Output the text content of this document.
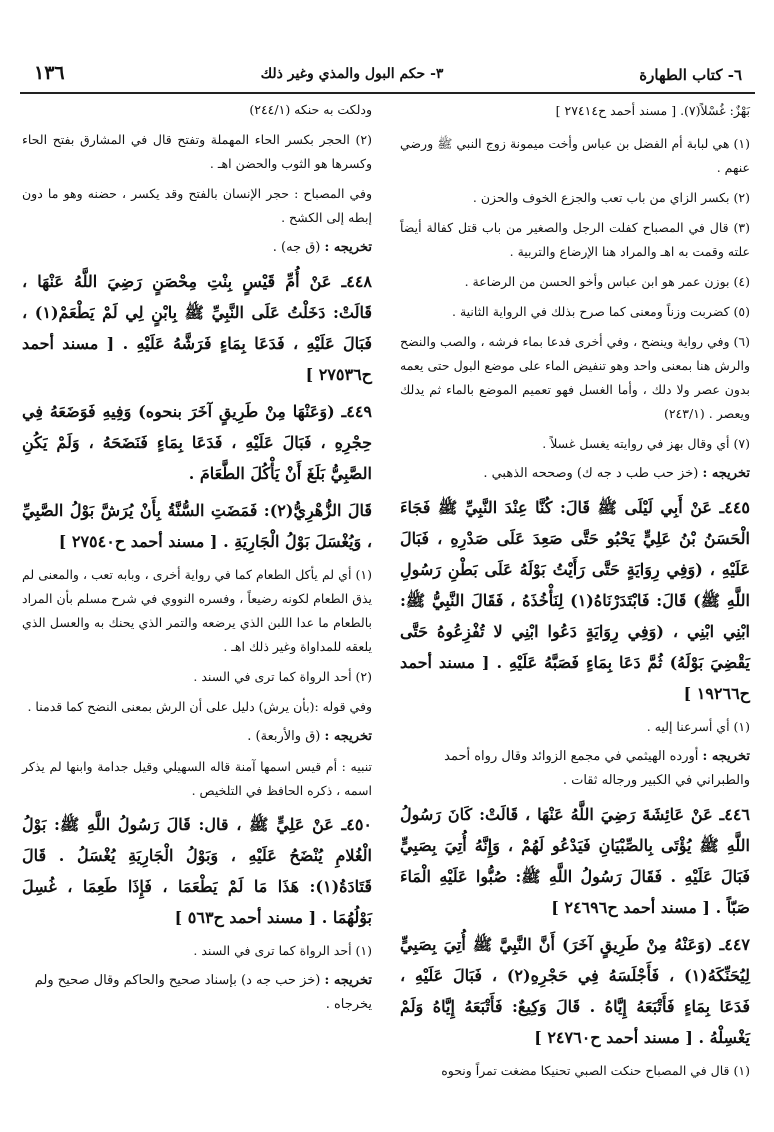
٦- كتاب الطهارة
٣- حكم البول والمذي وغير ذلك
١٣٦
بَهْزٌ: غُسْلاً(٧). [ مسند أحمد ح٢٧٤١٤ ]
(١) هي لبابة أم الفضل بن عباس وأخت ميمونة زوج النبي ﷺ ورضي عنهم .
(٢) بكسر الزاي من باب تعب والجزع الخوف والحزن .
(٣) قال في المصباح كفلت الرجل والصغير من باب قتل كفالة أيضاً علته وقمت به اهـ والمراد هنا الإرضاع والتربية .
(٤) بوزن عمر هو ابن عباس وأخو الحسن من الرضاعة .
(٥) كضربت وزناً ومعنى كما صرح بذلك في الرواية الثانية .
(٦) وفي رواية وينضح ، وفي أخرى فدعا بماء فرشه ، والصب والنضح والرش هنا بمعنى واحد وهو تنفيض الماء على موضع البول حتى يعمه بدون عصر ولا دلك ، وأما الغسل فهو تعميم الموضع بالماء ثم يدلك ويعصر . (٢٤٣/١)
(٧) أي وقال بهز في روايته يغسل غسلاً .
تخريجه : (خز حب طب د جه ك) وصححه الذهبي .
٤٤٥ـ عَنْ أَبِي لَيْلَى ﷺ قَالَ: كُنَّا عِنْدَ النَّبِيِّ ﷺ فَجَاءَ الْحَسَنُ بْنُ عَلِيٍّ يَحْبُو حَتَّى صَعِدَ عَلَى صَدْرِهِ ، فَبَالَ عَلَيْهِ ، (وَفِي رِوَايَةٍ حَتَّى رَأَيْتُ بَوْلَهُ عَلَى بَطْنِ رَسُولِ اللَّهِ ﷺ) قَالَ: فَابْتَدَرْنَاهُ(١) لِنَأْخُذَهُ ، فَقَالَ النَّبِيُّ ﷺ: ابْنِي ابْنِي ، (وَفِي رِوَايَةٍ دَعُوا ابْنِي لا تُفْزِعُوهُ حَتَّى يَقْضِيَ بَوْلَهُ) ثُمَّ دَعَا بِمَاءٍ فَصَبَّهُ عَلَيْهِ . [ مسند أحمد ح١٩٢٦٦ ]
(١) أي أسرعنا إليه .
تخريجه : أورده الهيثمي في مجمع الزوائد وقال رواه أحمد والطبراني في الكبير ورجاله ثقات .
٤٤٦ـ عَنْ عَائِشَةَ رَضِيَ اللَّهُ عَنْهَا ، قَالَتْ: كَانَ رَسُولُ اللَّهِ ﷺ يُؤْتَى بِالصِّبْيَانِ فَيَدْعُو لَهُمْ ، وَإِنَّهُ أُتِيَ بِصَبِيٍّ فَبَالَ عَلَيْهِ . فَقَالَ رَسُولُ اللَّهِ ﷺ: صُبُّوا عَلَيْهِ الْمَاءَ صَبّاً . [ مسند أحمد ح٢٤٦٩٦ ]
٤٤٧ـ (وَعَنْهُ مِنْ طَرِيقٍ آخَرَ) أَنَّ النَّبِيَّ ﷺ أُتِيَ بِصَبِيٍّ لِيُحَنِّكَهُ(١) ، فَأَجْلَسَهُ فِي حَجْرِهِ(٢) ، فَبَالَ عَلَيْهِ ، فَدَعَا بِمَاءٍ فَأَتْبَعَهُ إِيَّاهُ . قَالَ وَكِيعٌ: فَأَتْبَعَهُ إِيَّاهُ وَلَمْ يَغْسِلْهُ . [ مسند أحمد ح٢٤٧٦٠ ]
(١) قال في المصباح حنكت الصبي تحنيكا مضغت تمراً ونحوه
ودلكت به حنكه (٢٤٤/١)
(٢) الحجر بكسر الحاء المهملة وتفتح قال في المشارق بفتح الحاء وكسرها هو الثوب والحضن اهـ .
وفي المصباح : حجر الإنسان بالفتح وقد يكسر ، حضنه وهو ما دون إبطه إلى الكشح .
تخريجه : (ق جه) .
٤٤٨ـ عَنْ أُمِّ قَيْسٍ بِنْتِ مِحْصَنٍ رَضِيَ اللَّهُ عَنْهَا ، قَالَتْ: دَخَلْتُ عَلَى النَّبِيِّ ﷺ بِابْنٍ لِي لَمْ يَطْعَمْ(١) ، فَبَالَ عَلَيْهِ ، فَدَعَا بِمَاءٍ فَرَشَّهُ عَلَيْهِ . [ مسند أحمد ح٢٧٥٣٦ ]
٤٤٩ـ (وَعَنْهَا مِنْ طَرِيقٍ آخَرَ بنحوه) وَفِيهِ فَوَضَعَهُ فِي حِجْرِهِ ، فَبَالَ عَلَيْهِ ، فَدَعَا بِمَاءٍ فَنَضَحَهُ ، وَلَمْ يَكُنِ الصَّبِيُّ بَلَغَ أَنْ يَأْكُلَ الطَّعَامَ .
قَالَ الزُّهْرِيُّ(٢): فَمَضَتِ السُّنَّةُ بِأَنْ يُرَشَّ بَوْلُ الصَّبِيِّ ، وَيُغْسَلَ بَوْلُ الْجَارِيَةِ . [ مسند أحمد ح٢٧٥٤٠ ]
(١) أي لم يأكل الطعام كما في رواية أخرى ، وبابه تعب ، والمعنى لم يذق الطعام لكونه رضيعاً ، وفسره النووي في شرح مسلم بأن المراد بالطعام ما عدا اللبن الذي يرضعه والتمر الذي يحنك به والعسل الذي يلعقه للمداواة وغير ذلك اهـ .
(٢) أحد الرواة كما ترى في السند .
وفي قوله :(بأن يرش) دليل على أن الرش بمعنى النضح كما قدمنا .
تخريجه : (ق والأربعة) .
تنبيه : أم قيس اسمها آمنة قاله السهيلي وقيل جدامة وابنها لم يذكر اسمه ، ذكره الحافظ في التلخيص .
٤٥٠ـ عَنْ عَلِيٍّ ﷺ ، قال: قَالَ رَسُولُ اللَّهِ ﷺ: بَوْلُ الْغُلامِ يُنْضَحُ عَلَيْهِ ، وَبَوْلُ الْجَارِيَةِ يُغْسَلُ . قَالَ قَتَادَةُ(١): هَذَا مَا لَمْ يَطْعَمَا ، فَإِذَا طَعِمَا ، غُسِلَ بَوْلُهُمَا . [ مسند أحمد ح٥٦٣ ]
(١) أحد الرواة كما ترى في السند .
تخريجه : (خز حب جه د) بإسناد صحيح والحاكم وقال صحيح ولم يخرجاه .
